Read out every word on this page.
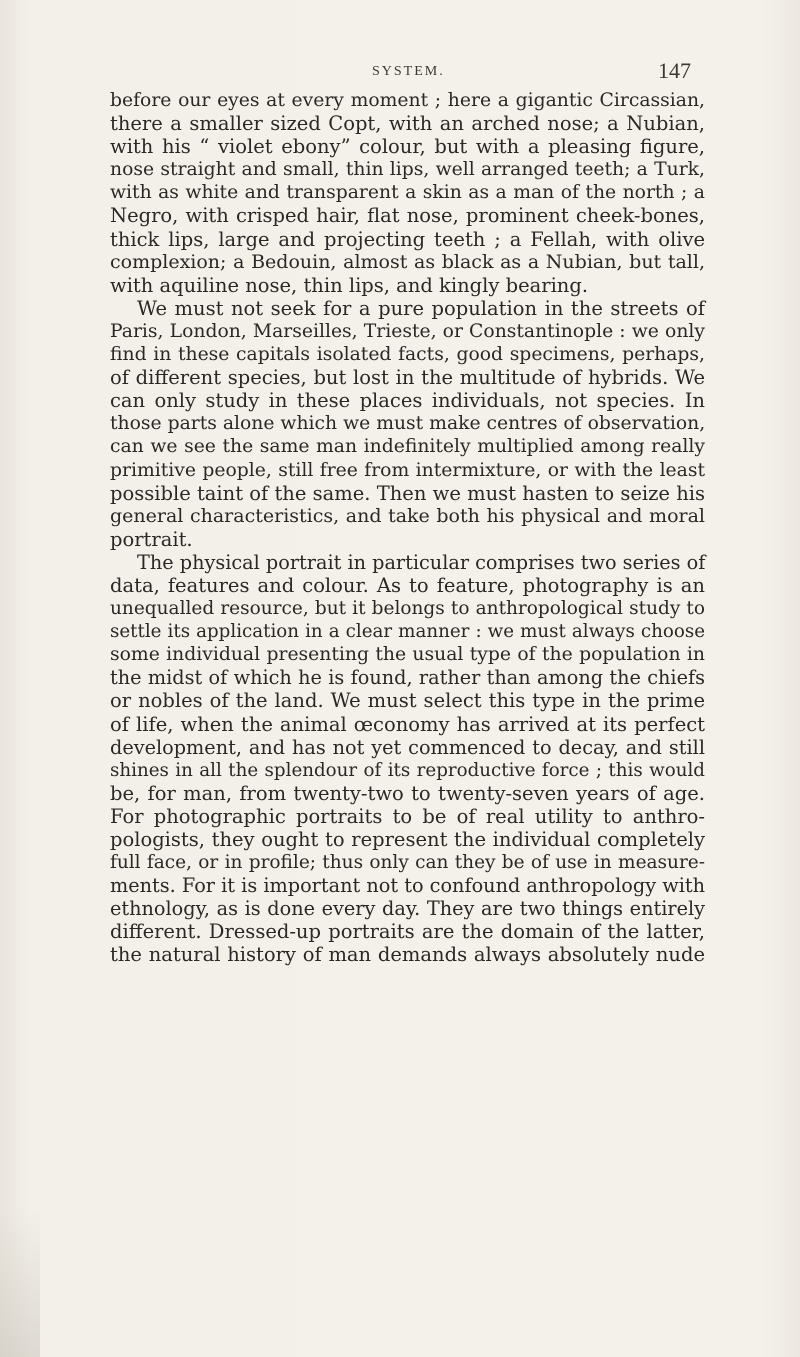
SYSTEM.	147
before our eyes at every moment ; here a gigantic Circassian,
there a smaller sized Copt, with an arched nose; a Nubian,
with his “ violet ebony” colour, but with a pleasing figure,
nose straight and small, thin lips, well arranged teeth; a Turk,
with as white and transparent a skin as a man of the north ; a
Negro, with crisped hair, flat nose, prominent cheek-bones,
thick lips, large and projecting teeth ; a Fellah, with olive
complexion; a Bedouin, almost as black as a Nubian, but tall,
with aquiline nose, thin lips, and kingly bearing.
We must not seek for a pure population in the streets of
Paris, London, Marseilles, Trieste, or Constantinople : we only
find in these capitals isolated facts, good specimens, perhaps,
of different species, but lost in the multitude of hybrids. We
can only study in these places individuals, not species. In
those parts alone which we must make centres of observation,
can we see the same man indefinitely multiplied among really
primitive people, still free from intermixture, or with the least
possible taint of the same. Then we must hasten to seize his
general characteristics, and take both his physical and moral
portrait.
The physical portrait in particular comprises two series of
data, features and colour. As to feature, photography is an
unequalled resource, but it belongs to anthropological study to
settle its application in a clear manner : we must always choose
some individual presenting the usual type of the population in
the midst of which he is found, rather than among the chiefs
or nobles of the land. We must select this type in the prime
of life, when the animal œconomy has arrived at its perfect
development, and has not yet commenced to decay, and still
shines in all the splendour of its reproductive force ; this would
be, for man, from twenty-two to twenty-seven years of age.
For photographic portraits to be of real utility to anthro-
pologists, they ought to represent the individual completely
full face, or in profile; thus only can they be of use in measure-
ments. For it is important not to confound anthropology with
ethnology, as is done every day. They are two things entirely
different. Dressed-up portraits are the domain of the latter,
the natural history of man demands always absolutely nude
